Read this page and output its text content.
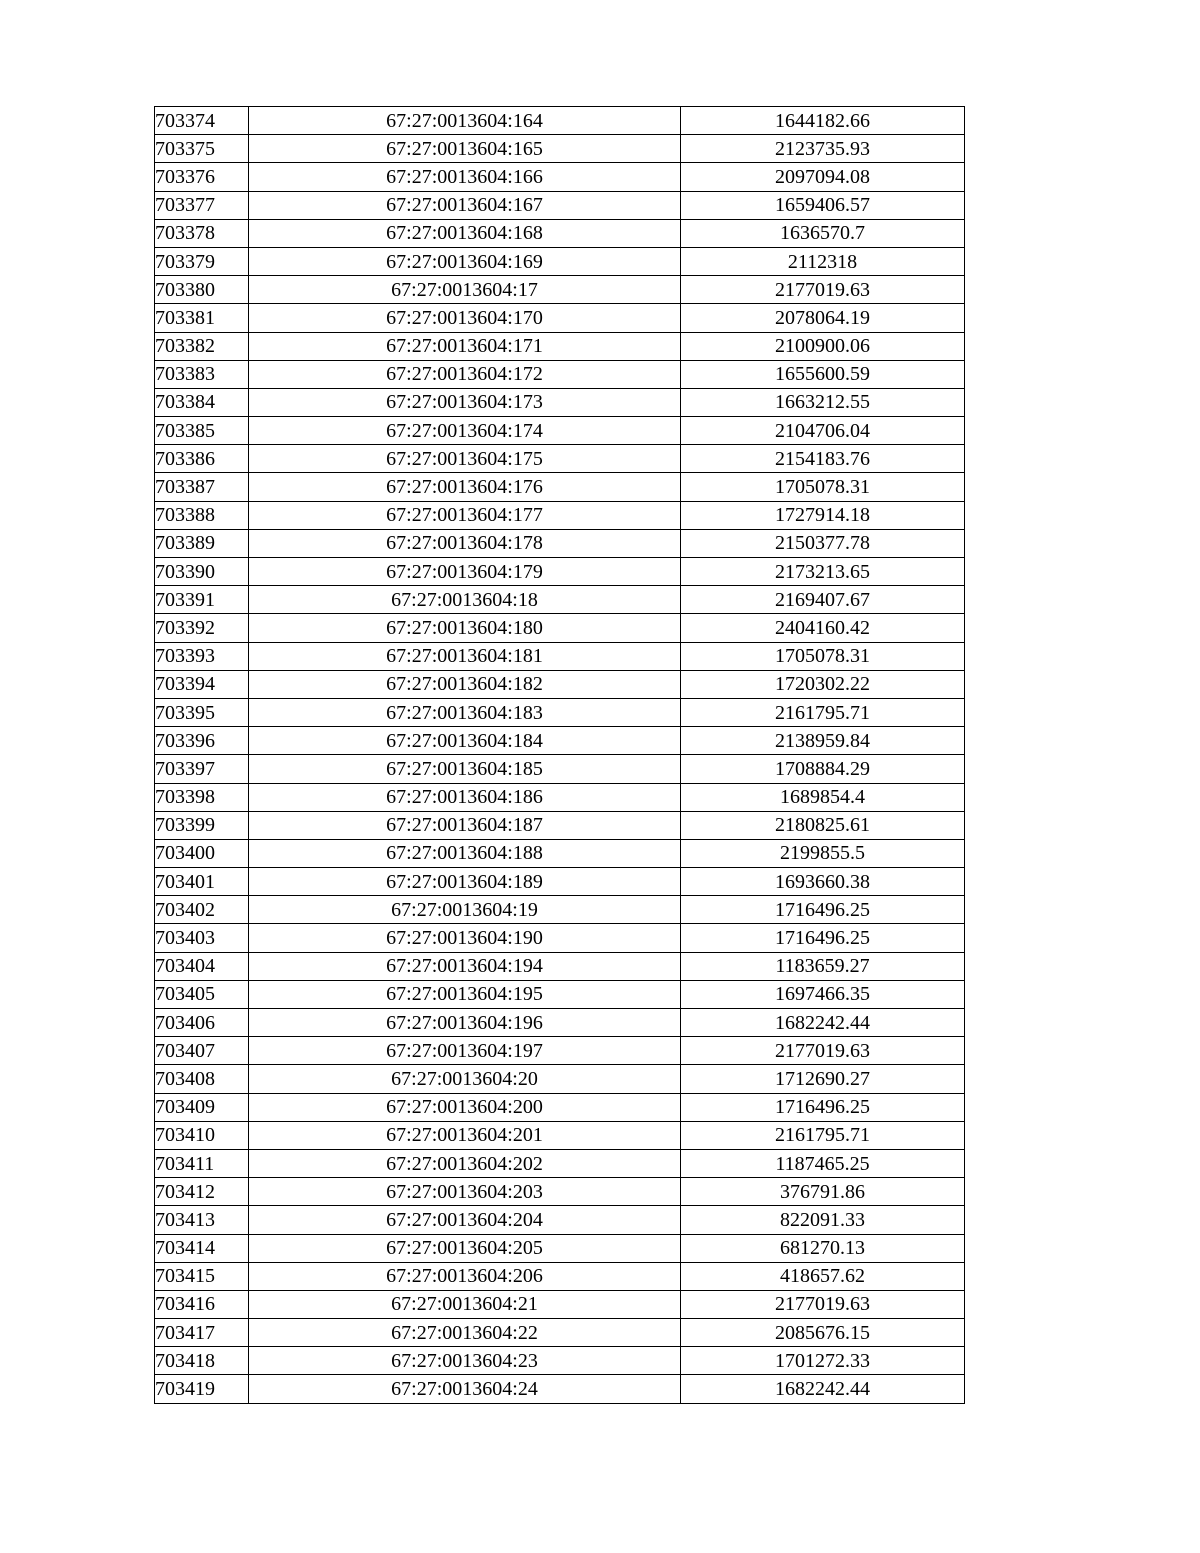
703374	67:27:0013604:164	1644182.66
703375	67:27:0013604:165	2123735.93
703376	67:27:0013604:166	2097094.08
703377	67:27:0013604:167	1659406.57
703378	67:27:0013604:168	1636570.7
703379	67:27:0013604:169	2112318
703380	67:27:0013604:17	2177019.63
703381	67:27:0013604:170	2078064.19
703382	67:27:0013604:171	2100900.06
703383	67:27:0013604:172	1655600.59
703384	67:27:0013604:173	1663212.55
703385	67:27:0013604:174	2104706.04
703386	67:27:0013604:175	2154183.76
703387	67:27:0013604:176	1705078.31
703388	67:27:0013604:177	1727914.18
703389	67:27:0013604:178	2150377.78
703390	67:27:0013604:179	2173213.65
703391	67:27:0013604:18	2169407.67
703392	67:27:0013604:180	2404160.42
703393	67:27:0013604:181	1705078.31
703394	67:27:0013604:182	1720302.22
703395	67:27:0013604:183	2161795.71
703396	67:27:0013604:184	2138959.84
703397	67:27:0013604:185	1708884.29
703398	67:27:0013604:186	1689854.4
703399	67:27:0013604:187	2180825.61
703400	67:27:0013604:188	2199855.5
703401	67:27:0013604:189	1693660.38
703402	67:27:0013604:19	1716496.25
703403	67:27:0013604:190	1716496.25
703404	67:27:0013604:194	1183659.27
703405	67:27:0013604:195	1697466.35
703406	67:27:0013604:196	1682242.44
703407	67:27:0013604:197	2177019.63
703408	67:27:0013604:20	1712690.27
703409	67:27:0013604:200	1716496.25
703410	67:27:0013604:201	2161795.71
703411	67:27:0013604:202	1187465.25
703412	67:27:0013604:203	376791.86
703413	67:27:0013604:204	822091.33
703414	67:27:0013604:205	681270.13
703415	67:27:0013604:206	418657.62
703416	67:27:0013604:21	2177019.63
703417	67:27:0013604:22	2085676.15
703418	67:27:0013604:23	1701272.33
703419	67:27:0013604:24	1682242.44
